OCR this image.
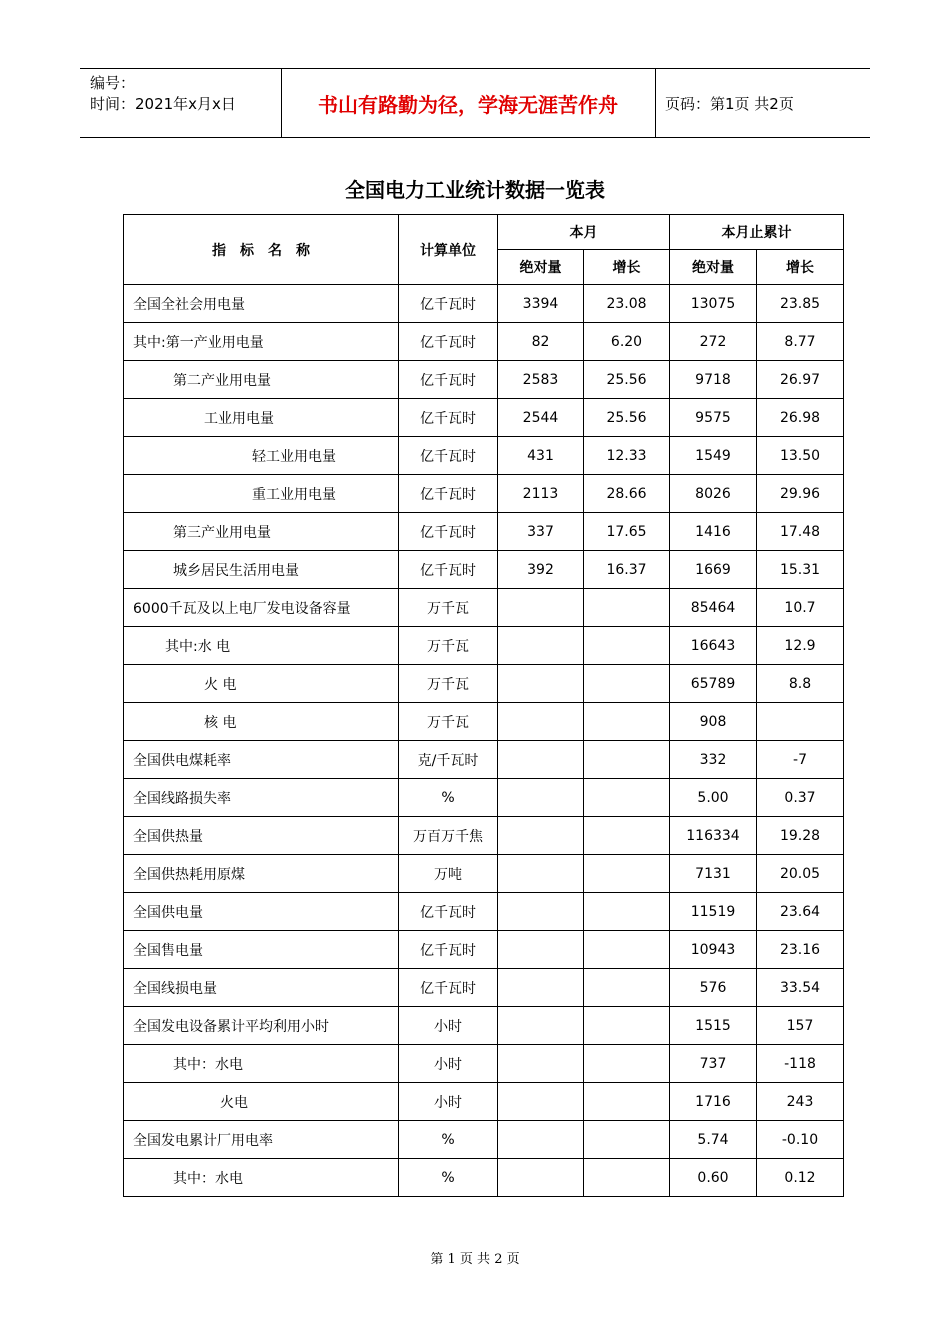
编号：
时间：2021年x月x日	书山有路勤为径，学海无涯苦作舟	页码：第1页 共2页
全国电力工业统计数据一览表
指　标　名　称	计算单位	本月		本月止累计	
		绝对量	增长	绝对量	增长
全国全社会用电量	亿千瓦时	3394	23.08	13075	23.85
其中:第一产业用电量	亿千瓦时	82	6.20	272	8.77
第二产业用电量	亿千瓦时	2583	25.56	9718	26.97
工业用电量	亿千瓦时	2544	25.56	9575	26.98
轻工业用电量	亿千瓦时	431	12.33	1549	13.50
重工业用电量	亿千瓦时	2113	28.66	8026	29.96
第三产业用电量	亿千瓦时	337	17.65	1416	17.48
城乡居民生活用电量	亿千瓦时	392	16.37	1669	15.31
6000千瓦及以上电厂发电设备容量	万千瓦			85464	10.7
其中:水 电	万千瓦			16643	12.9
火 电	万千瓦			65789	8.8
核 电	万千瓦			908	
全国供电煤耗率	克/千瓦时			332	-7
全国线路损失率	%			5.00	0.37
全国供热量	万百万千焦			116334	19.28
全国供热耗用原煤	万吨			7131	20.05
全国供电量	亿千瓦时			11519	23.64
全国售电量	亿千瓦时			10943	23.16
全国线损电量	亿千瓦时			576	33.54
全国发电设备累计平均利用小时	小时			1515	157
其中：水电	小时			737	-118
火电	小时			1716	243
全国发电累计厂用电率	%			5.74	-0.10
其中：水电	%			0.60	0.12
第 1 页 共 2 页
